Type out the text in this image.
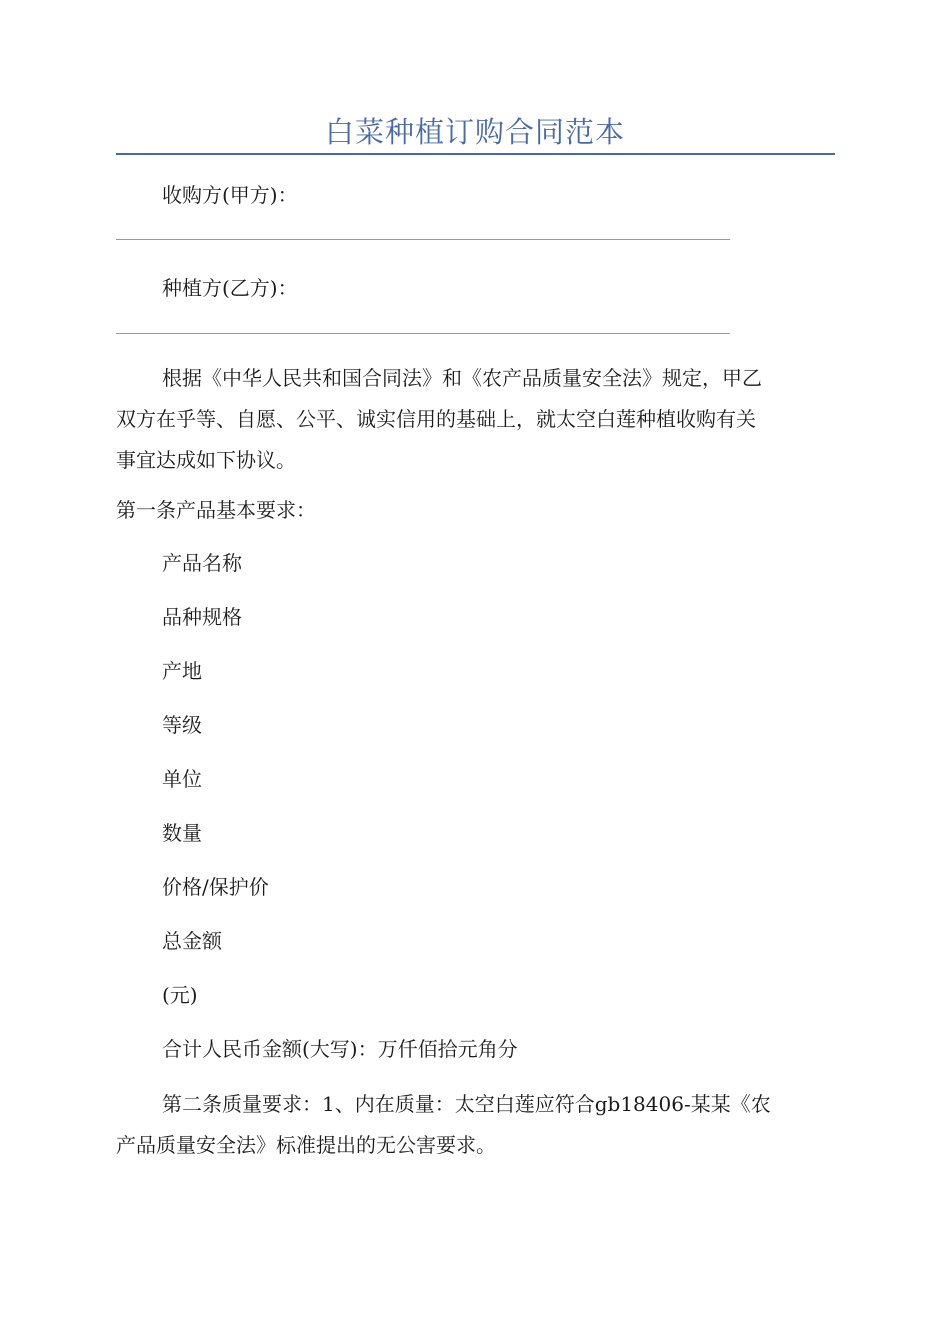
白菜种植订购合同范本
收购方(甲方)：
种植方(乙方)：
根据《中华人民共和国合同法》和《农产品质量安全法》规定，甲乙
双方在乎等、自愿、公平、诚实信用的基础上，就太空白莲种植收购有关
事宜达成如下协议。
第一条产品基本要求：
产品名称
品种规格
产地
等级
单位
数量
价格/保护价
总金额
(元)
合计人民币金额(大写)：万仟佰拾元角分
第二条质量要求：1、内在质量：太空白莲应符合gb18406-某某《农
产品质量安全法》标准提出的无公害要求。
